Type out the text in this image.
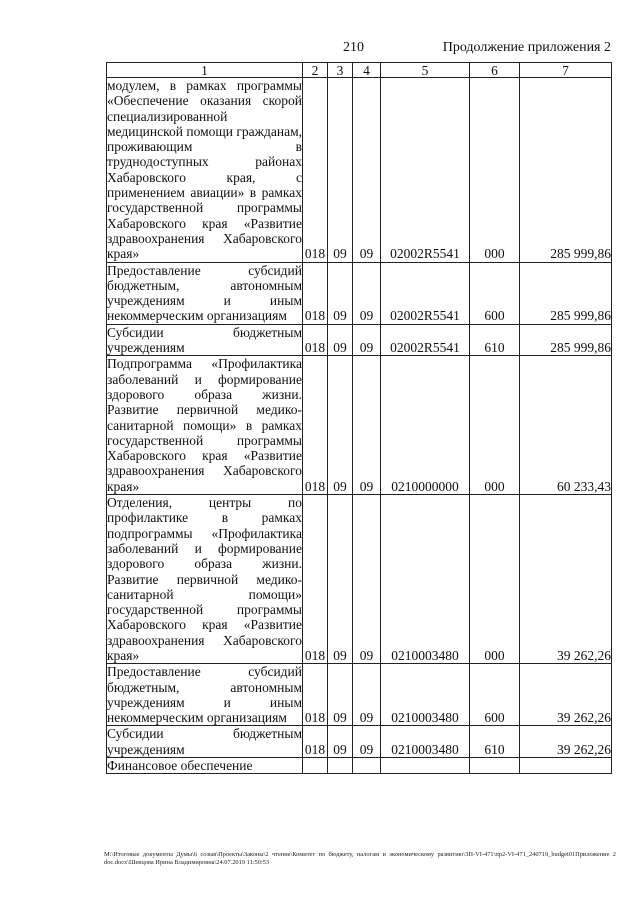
210	Продолжение приложения 2
1	2	3	4	5	6	7
модулем, в рамках программы «Обеспечение оказания скорой специализированной медицинской помощи гражданам, проживающим в труднодоступных районах Хабаровского края, с применением авиации» в рамках государственной программы Хабаровского края «Развитие здравоохранения Хабаровского края»	018	09	09	02002R5541	000	285 999,86
Предоставление субсидий бюджетным, автономным учреждениям и иным некоммерческим организациям	018	09	09	02002R5541	600	285 999,86
Субсидии бюджетным учреждениям	018	09	09	02002R5541	610	285 999,86
Подпрограмма «Профилактика заболеваний и формирование здорового образа жизни. Развитие первичной медико-санитарной помощи» в рамках государственной программы Хабаровского края «Развитие здравоохранения Хабаровского края»	018	09	09	0210000000	000	60 233,43
Отделения, центры по профилактике в рамках подпрограммы «Профилактика заболеваний и формирование здорового образа жизни. Развитие первичной медико-санитарной помощи» государственной программы Хабаровского края «Развитие здравоохранения Хабаровского края»	018	09	09	0210003480	000	39 262,26
Предоставление субсидий бюджетным, автономным учреждениям и иным некоммерческим организациям	018	09	09	0210003480	600	39 262,26
Субсидии бюджетным учреждениям	018	09	09	0210003480	610	39 262,26
Финансовое обеспечение						
М:\Итоговые документы Думы\6 созыв\Проекты\Законы\2 чтение\Комитет по бюджету, налогам и экономическому развитию\ЗП-VI-471\пр2-VI-471_240719_budget01Приложение 2 doc.docx\Шевцова Ирина Владимировна\24.07.2019 11:50:53
